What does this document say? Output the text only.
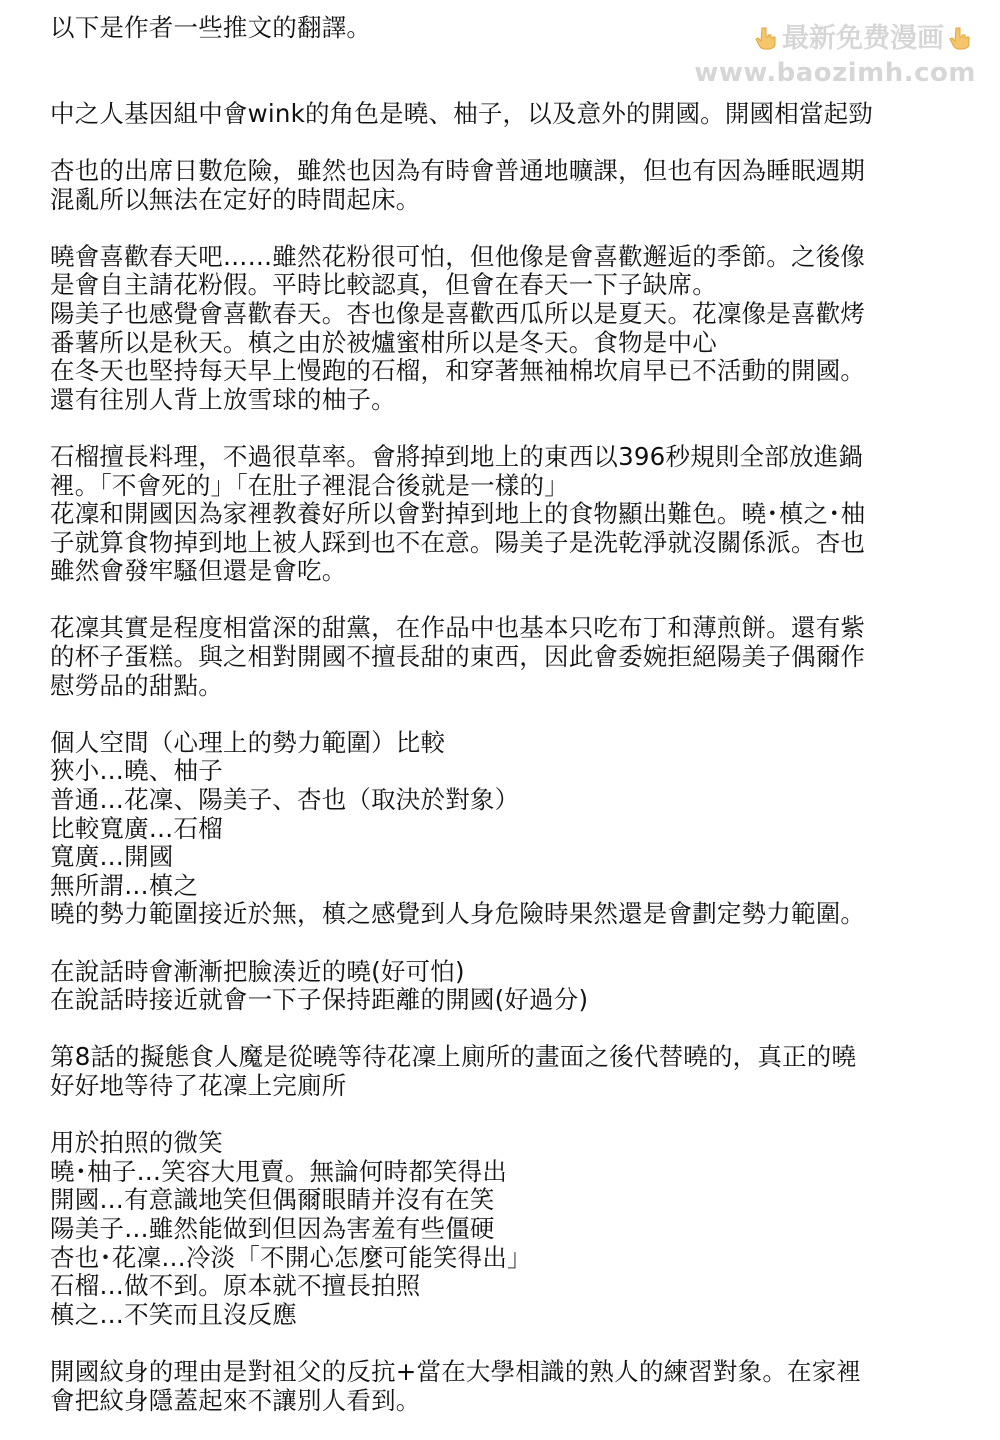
以下是作者一些推文的翻譯。
中之人基因組中會wink的角色是曉、柚子，以及意外的開國。開國相當起勁
杏也的出席日數危險，雖然也因為有時會普通地曠課，但也有因為睡眠週期
混亂所以無法在定好的時間起床。
曉會喜歡春天吧……雖然花粉很可怕，但他像是會喜歡邂逅的季節。之後像
是會自主請花粉假。平時比較認真，但會在春天一下子缺席。
陽美子也感覺會喜歡春天。杏也像是喜歡西瓜所以是夏天。花凜像是喜歡烤
番薯所以是秋天。槙之由於被爐蜜柑所以是冬天。食物是中心
在冬天也堅持每天早上慢跑的石榴，和穿著無袖棉坎肩早已不活動的開國。
還有往別人背上放雪球的柚子。
石榴擅長料理，不過很草率。會將掉到地上的東西以396秒規則全部放進鍋
裡。「不會死的」「在肚子裡混合後就是一樣的」
花凜和開國因為家裡教養好所以會對掉到地上的食物顯出難色。曉･槙之･柚
子就算食物掉到地上被人踩到也不在意。陽美子是洗乾淨就沒關係派。杏也
雖然會發牢騷但還是會吃。
花凜其實是程度相當深的甜黨，在作品中也基本只吃布丁和薄煎餅。還有紫
的杯子蛋糕。與之相對開國不擅長甜的東西，因此會委婉拒絕陽美子偶爾作
慰勞品的甜點。
個人空間（心理上的勢力範圍）比較
狹小…曉、柚子
普通…花凜、陽美子、杏也（取決於對象）
比較寬廣…石榴
寬廣…開國
無所謂…槙之
曉的勢力範圍接近於無，槙之感覺到人身危險時果然還是會劃定勢力範圍。
在說話時會漸漸把臉湊近的曉(好可怕)
在說話時接近就會一下子保持距離的開國(好過分)
第8話的擬態食人魔是從曉等待花凜上廁所的畫面之後代替曉的，真正的曉
好好地等待了花凜上完廁所
用於拍照的微笑
曉･柚子…笑容大甩賣。無論何時都笑得出
開國…有意識地笑但偶爾眼睛并沒有在笑
陽美子…雖然能做到但因為害羞有些僵硬
杏也･花凜…冷淡「不開心怎麼可能笑得出」
石榴…做不到。原本就不擅長拍照
槙之…不笑而且沒反應
開國紋身的理由是對祖父的反抗+當在大學相識的熟人的練習對象。在家裡
會把紋身隱蓋起來不讓別人看到。
最新免费漫画
www.baozimh.com
